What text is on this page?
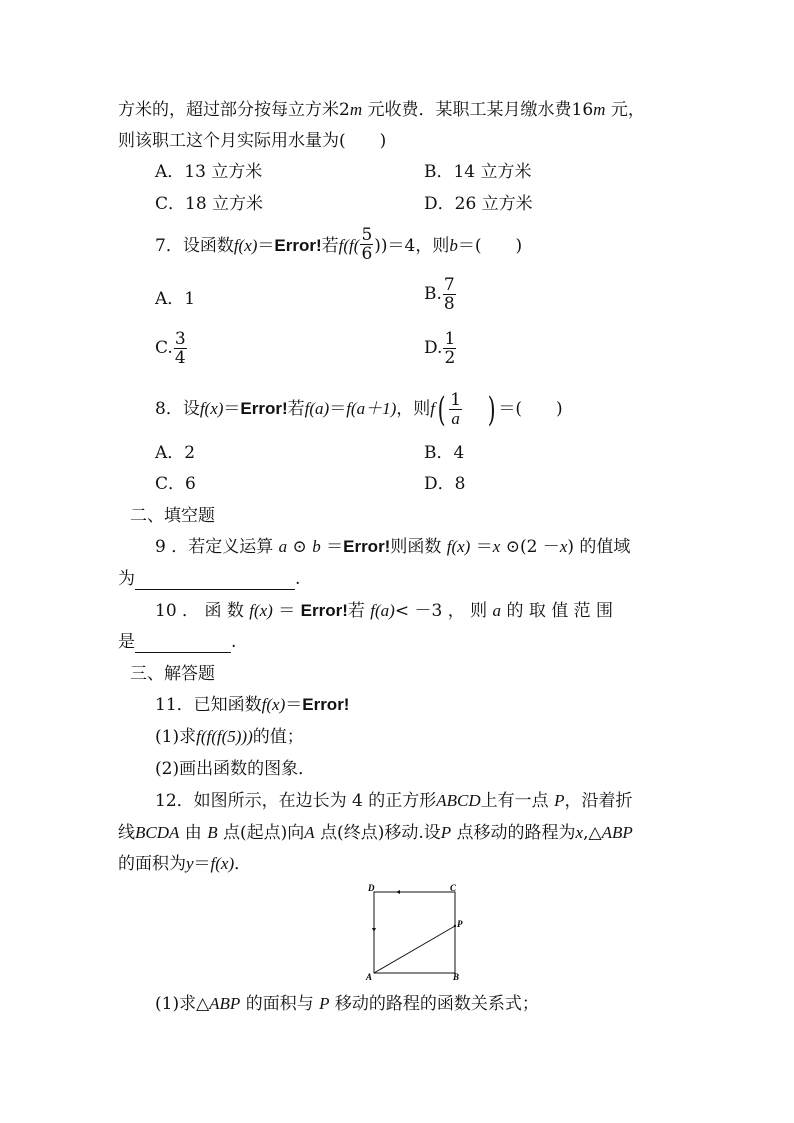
方米的，超过部分按每立方米2m 元收费．某职工某月缴水费16m 元，
则该职工这个月实际用水量为(　　)
A．13 立方米	B．14 立方米
C．18 立方米	D．26 立方米
7．设函数f(x)＝Error!若$f(f( \frac{5}{6} ))=4$，则b＝(　　)
A．1	B. $\frac{7}{8}$
C. $\frac{3}{4}$	D. $\frac{1}{2}$
8．设f(x)＝Error!若f(a)＝f(a＋1)，则$f( \frac{1}{a}$ ) ＝(　　)
A．2	B．4
C．6	D．8
二、填空题
9 ．若定义运算 a ⊙ b ＝Error!则函数 f(x) ＝x ⊙(2 －x) 的值域
为	.
10 ． 函 数 f(x) ＝ Error!若 f(a)< －3 ， 则 a 的 取 值 范 围
是	.
三、解答题
11．已知函数f(x)＝Error!
(1)求f(f(f(5)))的值；
(2)画出函数的图象．
12．如图所示，在边长为 4 的正方形ABCD上有一点 P，沿着折
线BCDA 由 B 点(起点)向A 点(终点)移动.设P 点移动的路程为x,△ABP
的面积为y＝f(x)．
D	C
P
A	B
(1)求△ABP 的面积与 P 移动的路程的函数关系式；
